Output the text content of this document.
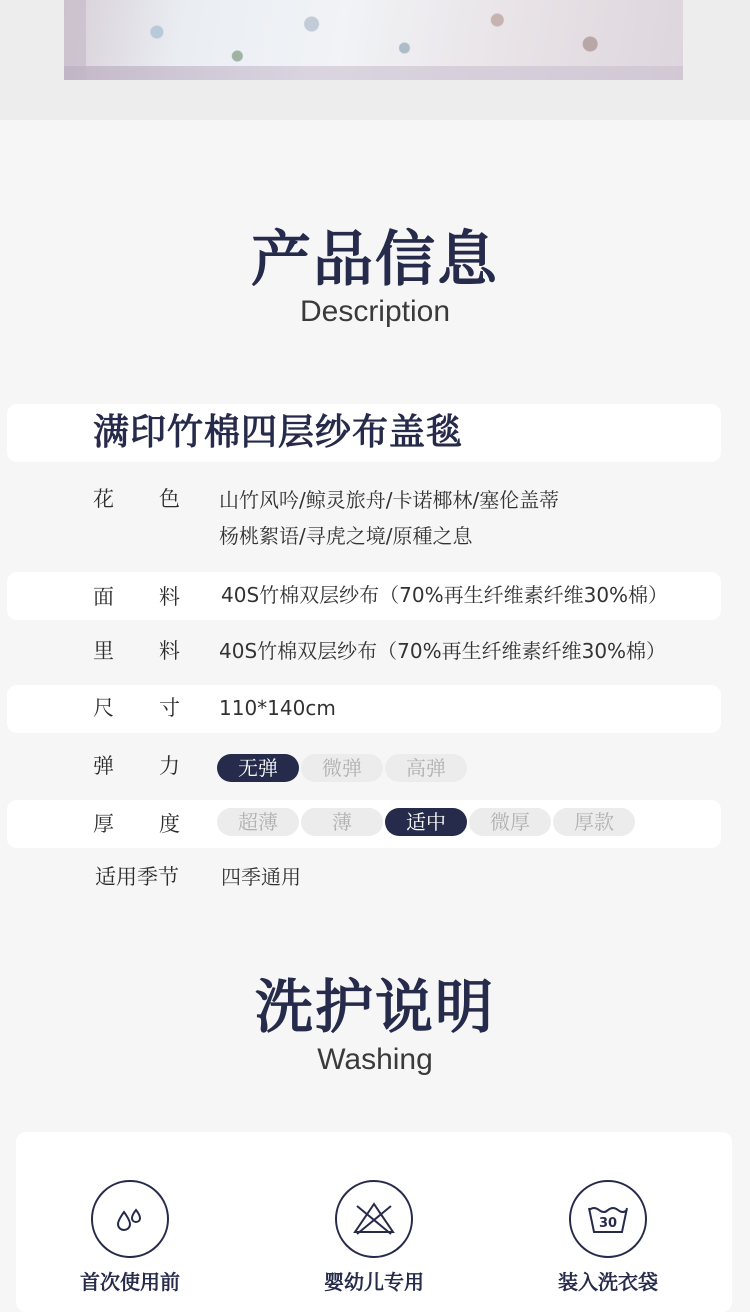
产品信息
Description
满印竹棉四层纱布盖毯
花 色 山竹风吟/鲸灵旅舟/卡诺椰林/塞伦盖蒂
杨桃絮语/寻虎之境/原種之息
面 料 40S竹棉双层纱布（70%再生纤维素纤维30%棉）
里 料 40S竹棉双层纱布（70%再生纤维素纤维30%棉）
尺 寸 110*140cm
弹 力	无弹	微弹	高弹
厚 度	超薄	薄	适中	微厚	厚款
适用季节 四季通用
洗护说明
Washing
首次使用前	婴幼儿专用
30
装入洗衣袋
